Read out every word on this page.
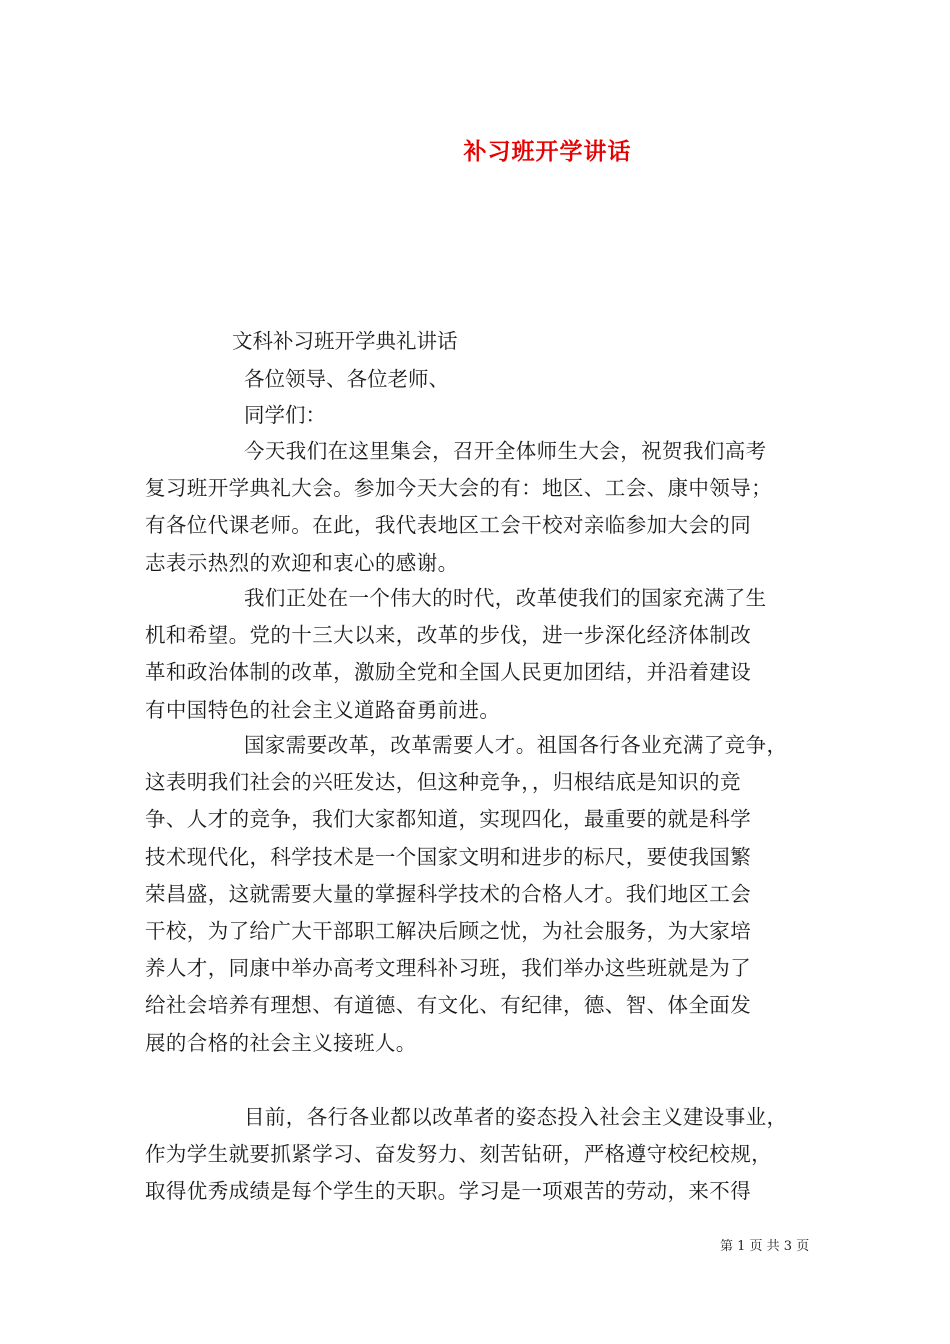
补习班开学讲话
文科补习班开学典礼讲话
各位领导、各位老师、
同学们：
今天我们在这里集会，召开全体师生大会，祝贺我们高考
复习班开学典礼大会。参加今天大会的有：地区、工会、康中领导；
有各位代课老师。在此，我代表地区工会干校对亲临参加大会的同
志表示热烈的欢迎和衷心的感谢。
我们正处在一个伟大的时代，改革使我们的国家充满了生
机和希望。党的十三大以来，改革的步伐，进一步深化经济体制改
革和政治体制的改革，激励全党和全国人民更加团结，并沿着建设
有中国特色的社会主义道路奋勇前进。
国家需要改革，改革需要人才。祖国各行各业充满了竞争，
这表明我们社会的兴旺发达，但这种竞争，，归根结底是知识的竞
争、人才的竞争，我们大家都知道，实现四化，最重要的就是科学
技术现代化，科学技术是一个国家文明和进步的标尺，要使我国繁
荣昌盛，这就需要大量的掌握科学技术的合格人才。我们地区工会
干校，为了给广大干部职工解决后顾之忧，为社会服务，为大家培
养人才，同康中举办高考文理科补习班，我们举办这些班就是为了
给社会培养有理想、有道德、有文化、有纪律，德、智、体全面发
展的合格的社会主义接班人。
目前，各行各业都以改革者的姿态投入社会主义建设事业，
作为学生就要抓紧学习、奋发努力、刻苦钻研，严格遵守校纪校规，
取得优秀成绩是每个学生的天职。学习是一项艰苦的劳动，来不得
第 1 页 共 3 页
